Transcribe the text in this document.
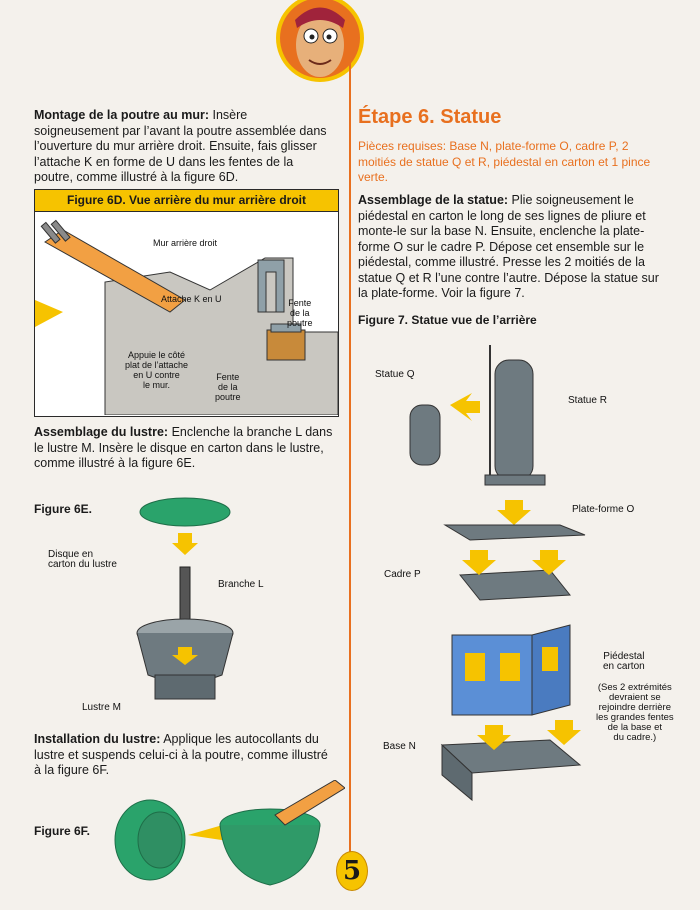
Montage de la poutre au mur: Insère soigneusement par l’avant la poutre assemblée dans l’ouverture du mur arrière droit. Ensuite, fais glisser l’attache K en forme de U dans les fentes de la poutre, comme illustré à la figure 6D.
Figure 6D. Vue arrière du mur arrière droit
Mur arrière droit
Attache K en U	Fente
de la
poutre
Appuie le côté
plat de l’attache
en U contre
le mur.
Fente
de la
poutre
Assemblage du lustre: Enclenche la branche L dans le lustre M. Insère le disque en carton dans le lustre, comme illustré à la figure 6E.
Figure 6E.
Disque en
carton du lustre
Branche L
Lustre M
Installation du lustre: Applique les autocollants du lustre et suspends celui-ci à la poutre, comme illustré à la figure 6F.
Figure 6F.
Étape 6. Statue
Pièces requises: Base N, plate-forme O, cadre P, 2 moitiés de statue Q et R, piédestal en carton et 1 pince verte.
Assemblage de la statue: Plie soigneusement le piédestal en carton le long de ses lignes de pliure et monte-le sur la base N. Ensuite, enclenche la plate-forme O sur le cadre P. Dépose cet ensemble sur le piédestal, comme illustré. Presse les 2 moitiés de la statue Q et R l’une contre l’autre. Dépose la statue sur la plate-forme. Voir la figure 7.
Figure 7. Statue vue de l’arrière
Statue Q
Statue R
Plate-forme O
Cadre P
Piédestal
en carton
(Ses 2 extrémités
devraient se
rejoindre derrière
les grandes fentes
de la base et
du cadre.)
Base N
5
